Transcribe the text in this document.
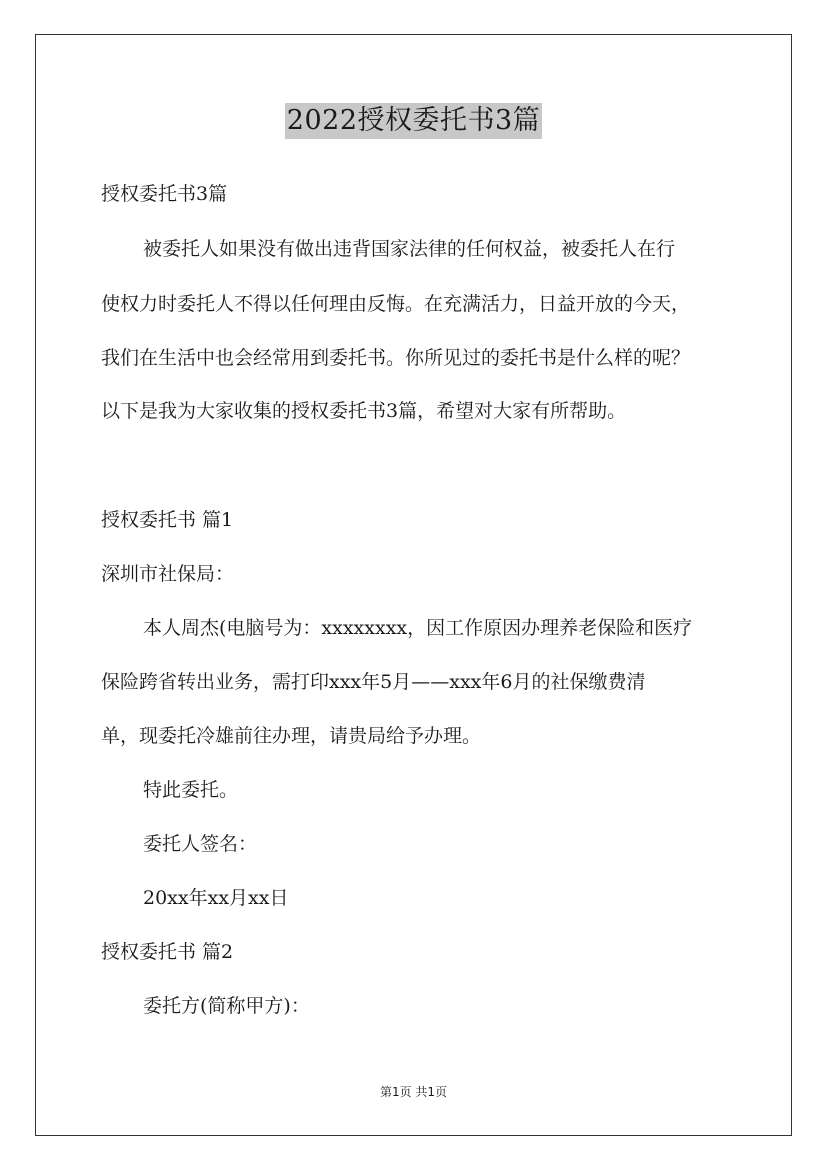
2022授权委托书3篇
授权委托书3篇
被委托人如果没有做出违背国家法律的任何权益，被委托人在行
使权力时委托人不得以任何理由反悔。在充满活力，日益开放的今天，
我们在生活中也会经常用到委托书。你所见过的委托书是什么样的呢？
以下是我为大家收集的授权委托书3篇，希望对大家有所帮助。
授权委托书 篇1
深圳市社保局：
本人周杰(电脑号为：xxxxxxxx，因工作原因办理养老保险和医疗
保险跨省转出业务，需打印xxx年5月——xxx年6月的社保缴费清
单，现委托冷雄前往办理，请贵局给予办理。
特此委托。
委托人签名：
20xx年xx月xx日
授权委托书 篇2
委托方(简称甲方)：
第1页 共1页
